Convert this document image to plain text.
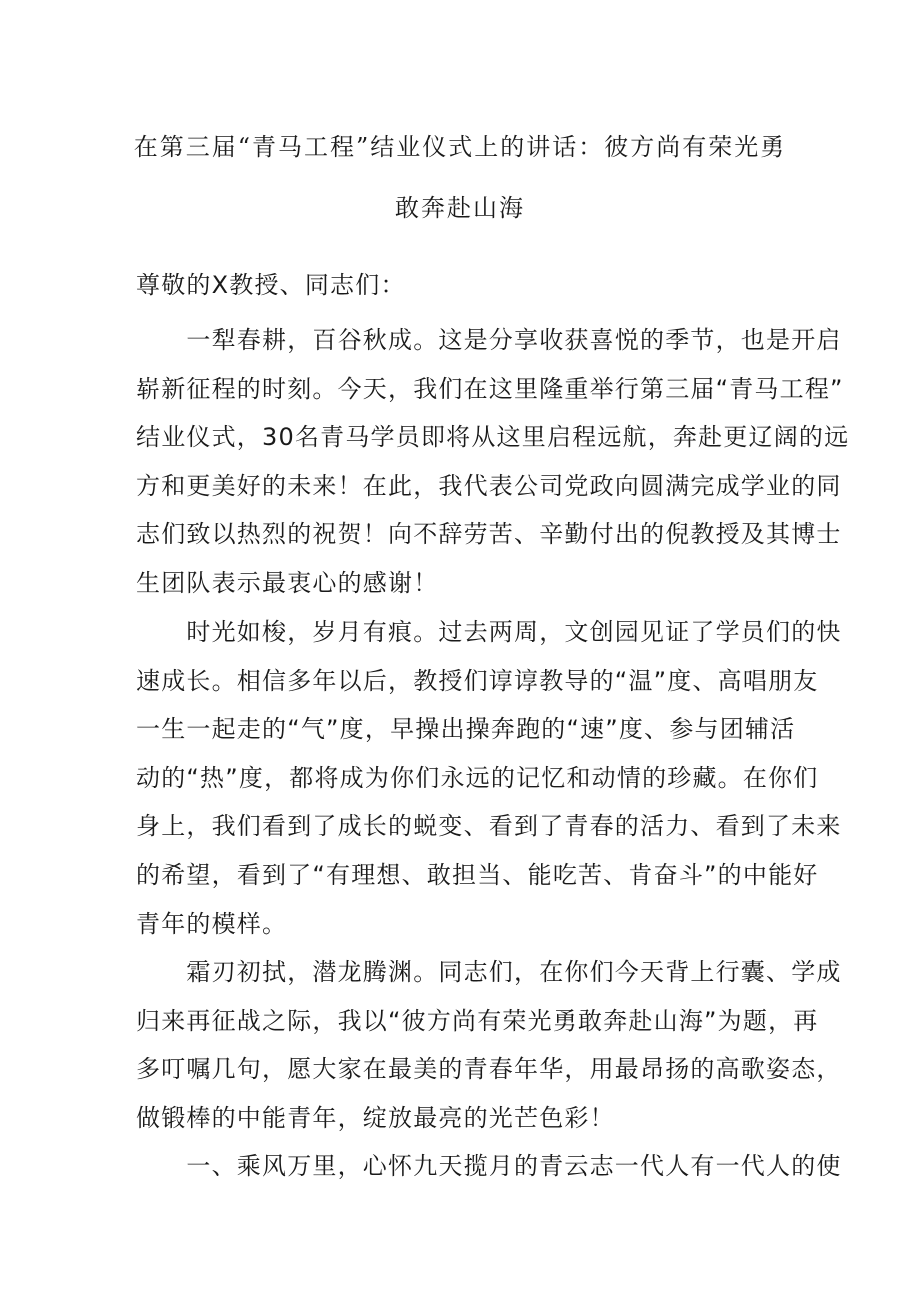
在第三届“青马工程”结业仪式上的讲话：彼方尚有荣光勇
敢奔赴山海
尊敬的X教授、同志们：
　　一犁春耕，百谷秋成。这是分享收获喜悦的季节，也是开启
崭新征程的时刻。今天，我们在这里隆重举行第三届“青马工程”
结业仪式，30名青马学员即将从这里启程远航，奔赴更辽阔的远
方和更美好的未来！在此，我代表公司党政向圆满完成学业的同
志们致以热烈的祝贺！向不辞劳苦、辛勤付出的倪教授及其博士
生团队表示最衷心的感谢！
　　时光如梭，岁月有痕。过去两周，文创园见证了学员们的快
速成长。相信多年以后，教授们谆谆教导的“温”度、高唱朋友
一生一起走的“气”度，早操出操奔跑的“速”度、参与团辅活
动的“热”度，都将成为你们永远的记忆和动情的珍藏。在你们
身上，我们看到了成长的蜕变、看到了青春的活力、看到了未来
的希望，看到了“有理想、敢担当、能吃苦、肯奋斗”的中能好
青年的模样。
　　霜刃初拭，潜龙腾渊。同志们，在你们今天背上行囊、学成
归来再征战之际，我以“彼方尚有荣光勇敢奔赴山海”为题，再
多叮嘱几句，愿大家在最美的青春年华，用最昂扬的高歌姿态，
做锻棒的中能青年，绽放最亮的光芒色彩！
　　一、乘风万里，心怀九天揽月的青云志一代人有一代人的使
